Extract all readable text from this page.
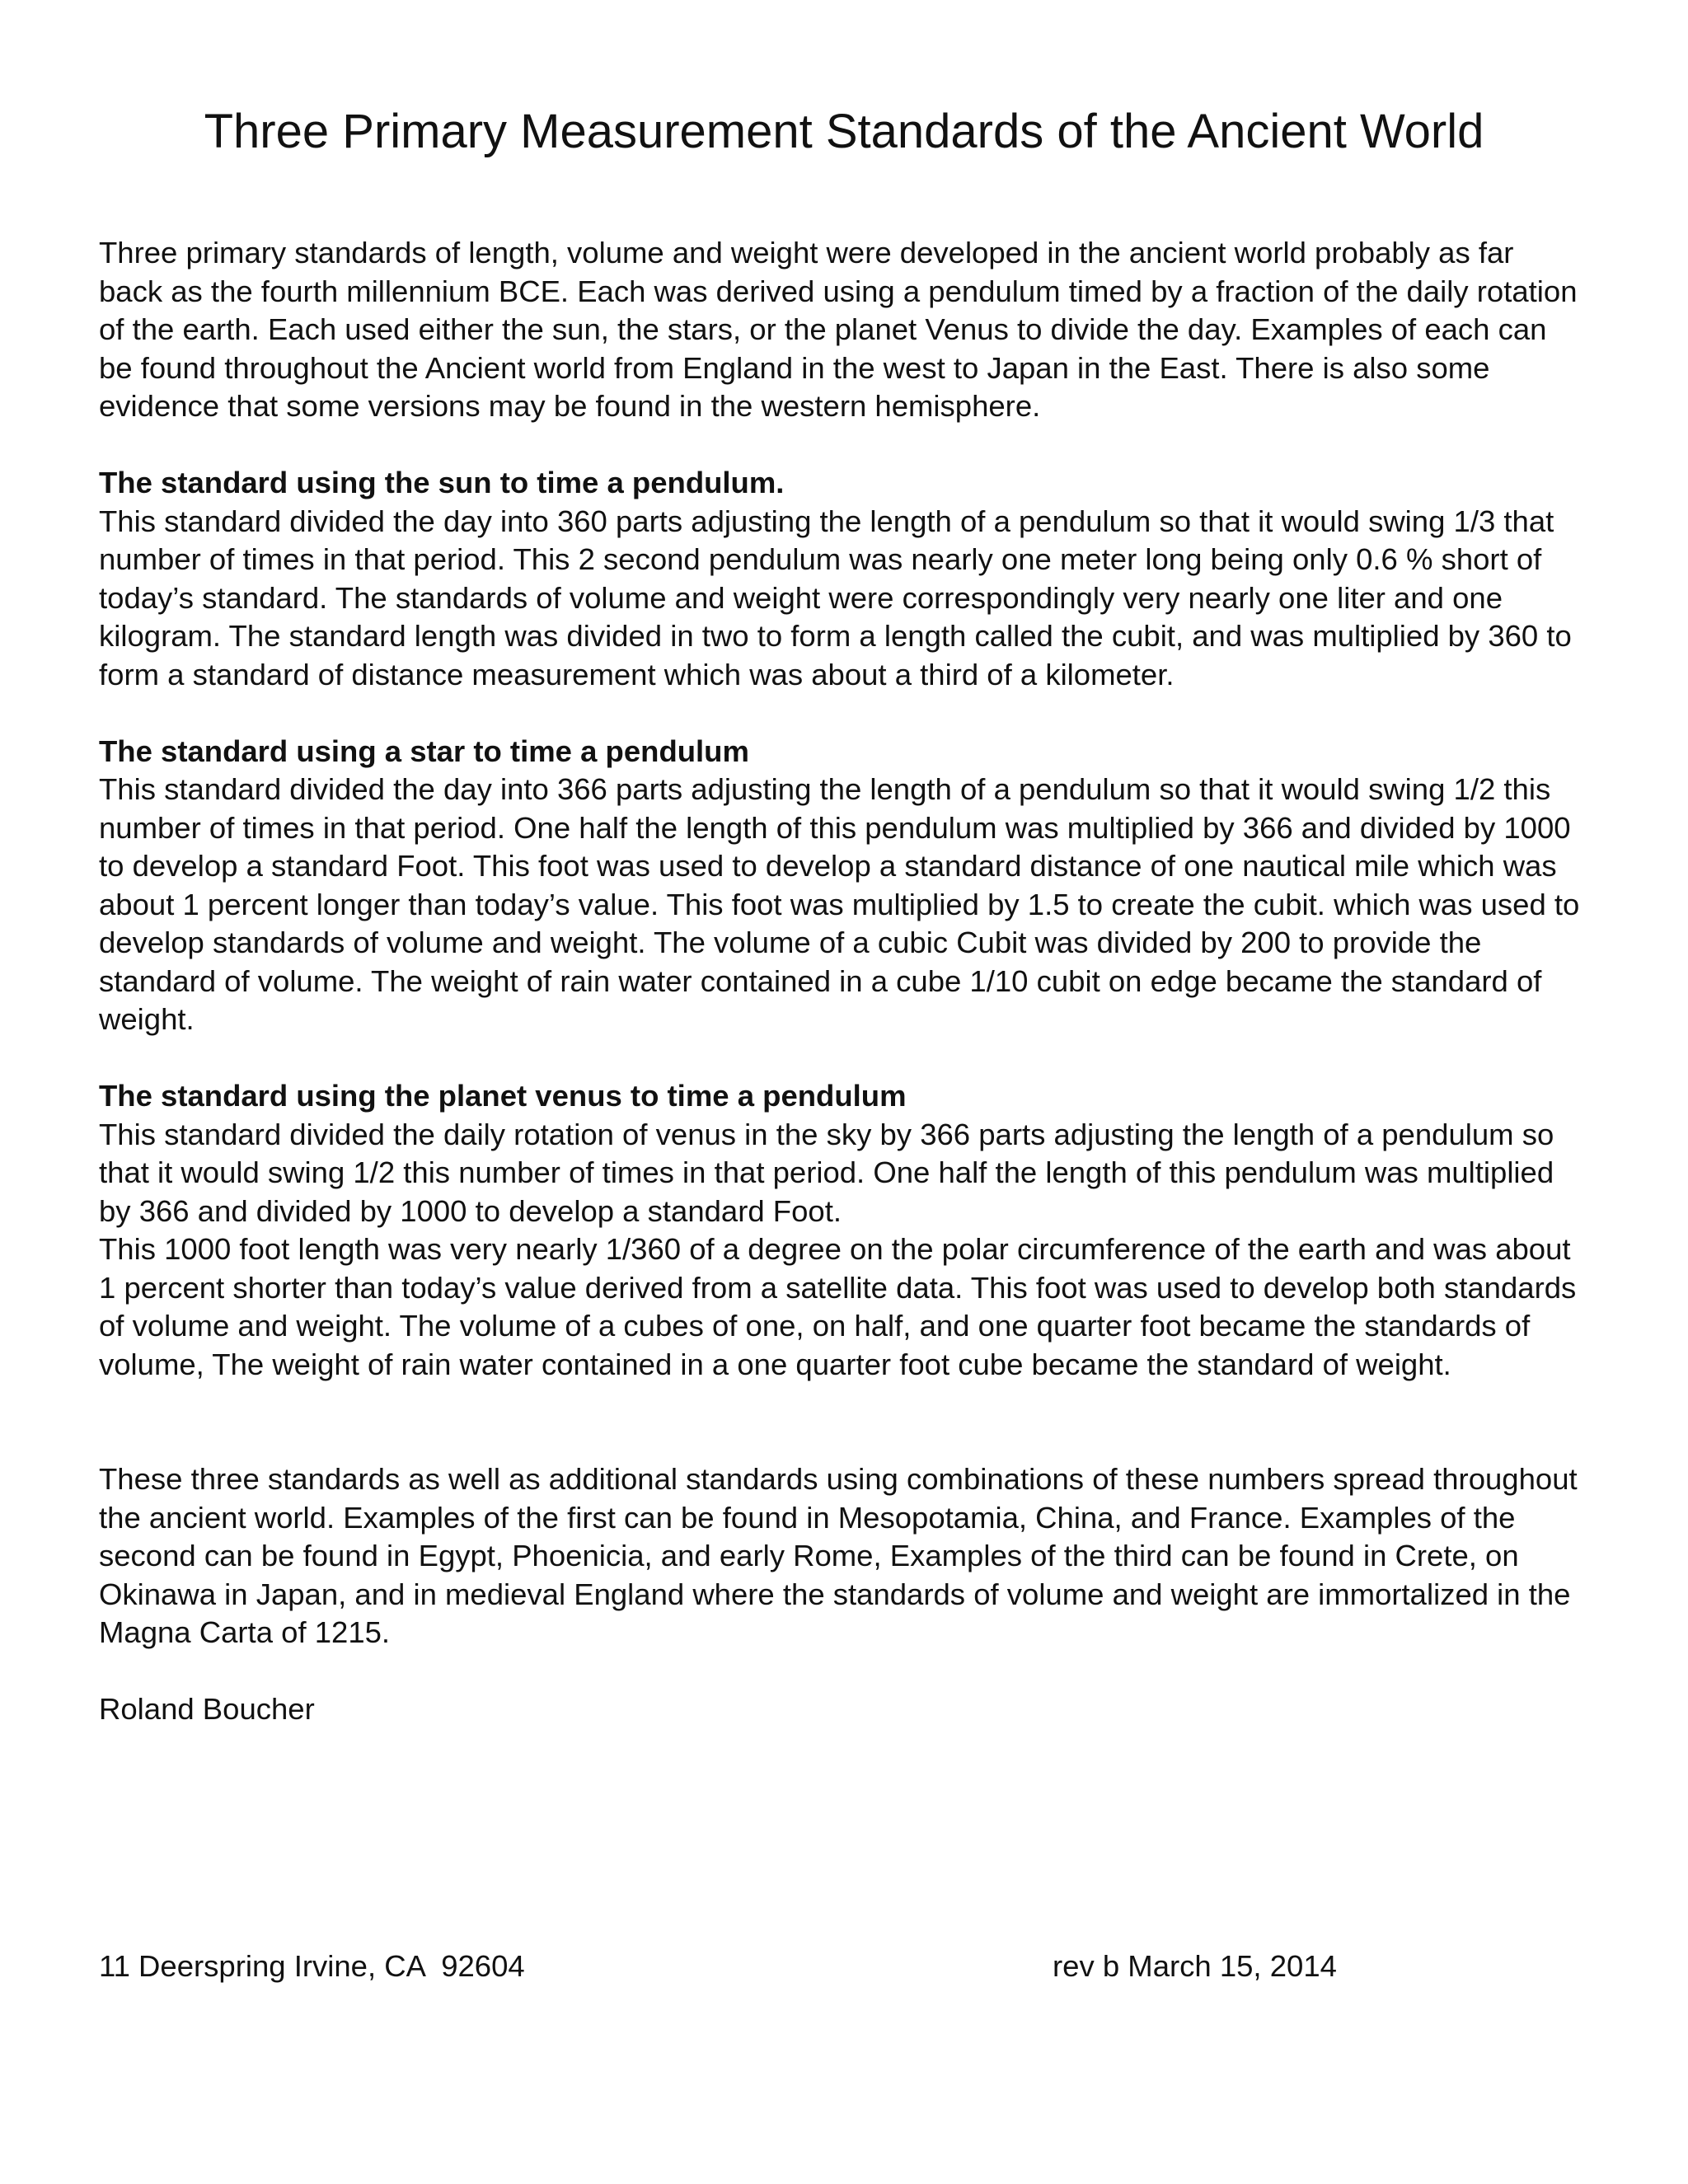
Three Primary Measurement Standards of the Ancient World

Three primary standards of length, volume and weight were developed in the ancient world probably as far back as the fourth millennium BCE. Each was derived using a pendulum timed by a fraction of the daily rotation of the earth. Each used either the sun, the stars, or the planet Venus to divide the day. Examples of each can be found throughout the Ancient world from England in the west to Japan in the East. There is also some evidence that some versions may be found in the western hemisphere.

The standard using the sun to time a pendulum.

This standard divided the day into 360 parts adjusting the length of a pendulum so that it would swing 1/3 that number of times in that period. This 2 second pendulum was nearly one meter long being only 0.6 % short of today’s standard. The standards of volume and weight were correspondingly very nearly one liter and one kilogram. The standard length was divided in two to form a length called the cubit, and was multiplied by 360 to form a standard of distance measurement which was about a third of a kilometer.

The standard using a star to time a pendulum

This standard divided the day into 366 parts adjusting the length of a pendulum so that it would swing 1/2 this number of times in that period. One half the length of this pendulum was multiplied by 366 and divided by 1000 to develop a standard Foot. This foot was used to develop a standard distance of one nautical mile which was about 1 percent longer than today’s value. This foot was multiplied by 1.5 to create the cubit. which was used to develop standards of volume and weight. The volume of a cubic Cubit was divided by 200 to provide the standard of volume. The weight of rain water contained in a cube 1/10 cubit on edge became the standard of weight.

The standard using the planet venus to time a pendulum

This standard divided the daily rotation of venus in the sky by 366 parts adjusting the length of a pendulum so that it would swing 1/2 this number of times in that period. One half the length of this pendulum was multiplied by 366 and divided by 1000 to develop a standard Foot.

This 1000 foot length was very nearly 1/360 of a degree on the polar circumference of the earth and was about 1 percent shorter than today’s value derived from a satellite data. This foot was used to develop both standards of volume and weight. The volume of a cubes of one, on half, and one quarter foot became the standards of volume, The weight of rain water contained in a one quarter foot cube became the standard of weight.

These three standards as well as additional standards using combinations of these numbers spread throughout the ancient world. Examples of the first can be found in Mesopotamia, China, and France. Examples of the second can be found in Egypt, Phoenicia, and early Rome, Examples of the third can be found in Crete, on Okinawa in Japan, and in medieval England where the standards of volume and weight are immortalized in the Magna Carta of 1215.

Roland Boucher

11 Deerspring Irvine, CA  92604	rev b March 15, 2014
